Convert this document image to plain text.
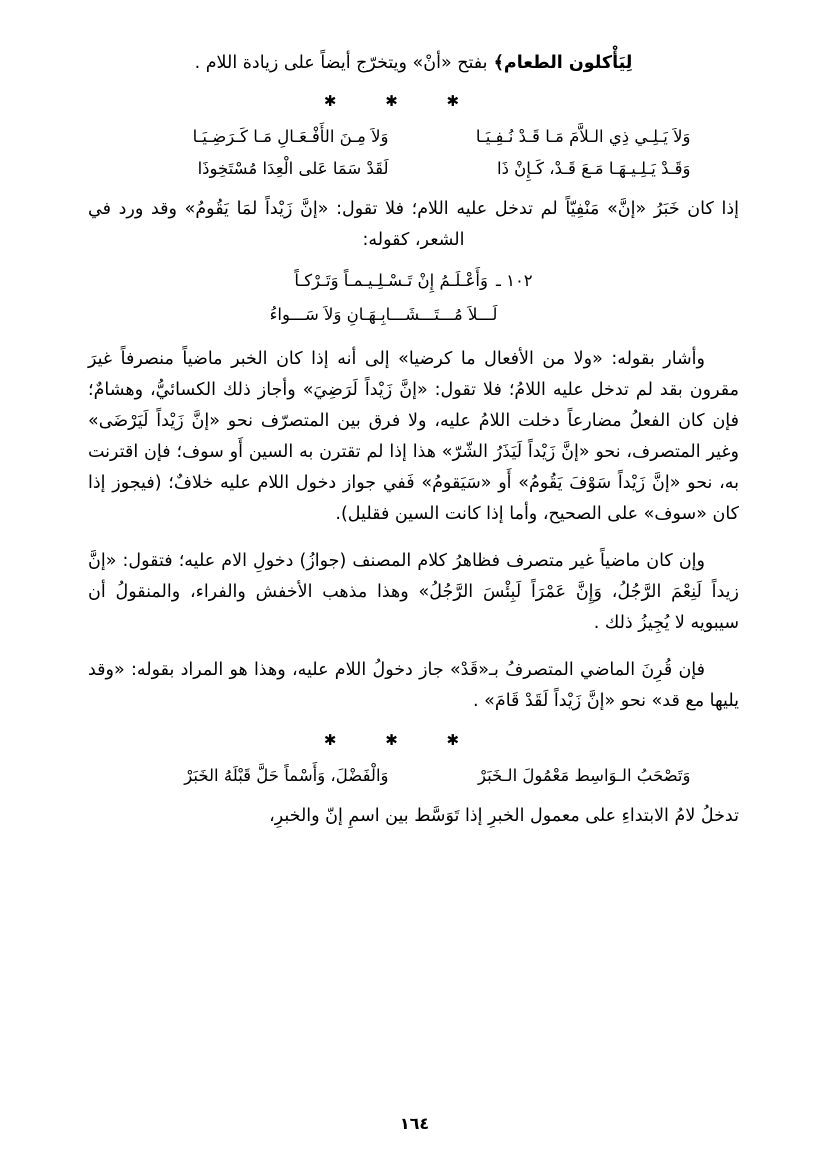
لِيَأْكلون الطعام﴾ بفتح «أنْ» ويتخرّج أيضاً على زيادة اللام .
✱ ✱ ✱
وَلاَ يَـلِـي ذِي الـلاَّمَ مَـا قَـدْ نُـفِـيَـاوَلاَ مِـنَ الأَفْـعَـالِ مَـا كَـرَضِـيَـا
وَقَـدْ يَـلِـيـهَـا مَـعَ قَـدْ، كَـإِنْ ذَالَقَدْ سَمَا عَلى الْعِدَا مُسْتَخِوذَا

إذا كان خَبَرُ «إنَّ» مَنْفِيّاً لم تدخل عليه اللام؛ فلا تقول: «إنَّ زَيْداً لمَا يَقُومُ» وقد ورد في الشعر، كقوله:

١٠٢ ـوَأَعْـلَـمُ إِنْ تَـسْـلِـيـمـاً وَتَـرْكـاً
لَـــلاَ مُـــتَـــشَـــابِـهَـانِ وَلاَ سَـــواءُ

وأشار بقوله: «ولا من الأفعال ما كرضيا» إلى أنه إذا كان الخبر ماضياً منصرفاً غيرَ مقرون بقد لم تدخل عليه اللامُ؛ فلا تقول: «إنَّ زَيْداً لَرَضِيَ» وأجاز ذلك الكسائيُّ، وهشامٌ؛ فإن كان الفعلُ مضارعاً دخلت اللامُ عليه، ولا فرق بين المتصرّف نحو «إنَّ زَيْداً لَيَرْضَى» وغير المتصرف، نحو «إنَّ زَيْداً لَيَذَرُ الشّرّ» هذا إذا لم تقترن به السين أَو سوف؛ فإن اقترنت به، نحو «إنَّ زَيْداً سَوْفَ يَقُومُ» أَو «سَيَقومُ» فَفي جواز دخول اللام عليه خلافٌ؛ (فيجوز إذا كان «سوف» على الصحيح، وأما إذا كانت السين فقليل).

وإن كان ماضياً غير متصرف فظاهرُ كلام المصنف (جوازُ) دخولِ الام عليه؛ فتقول: «إنَّ زيداً لَنِعْمَ الرَّجُلُ، وَإِنَّ عَمْرَاً لَبِئْسَ الرَّجُلُ» وهذا مذهب الأخفش والفراء، والمنقولُ أن سيبويه لا يُجِيزُ ذلك .

فإن قُرِنَ الماضي المتصرفُ بـ«قَدْ» جاز دخولُ اللام عليه، وهذا هو المراد بقوله: «وقد يليها مع قد» نحو «إنَّ زَيْداً لَقَدْ قَامَ» .

✱ ✱ ✱
وَتَصْحَبُ الـوَاسِط مَعْمُولَ الـخَبَرْوَالْفَضْلَ، وَأَسْماً حَلَّ قَبْلَهُ الخَبَرْ

تدخلُ لامُ الابتداءِ على معمول الخبرِ إذا تَوَسَّط بين اسمِ إنّ والخبرِ،

١٦٤
